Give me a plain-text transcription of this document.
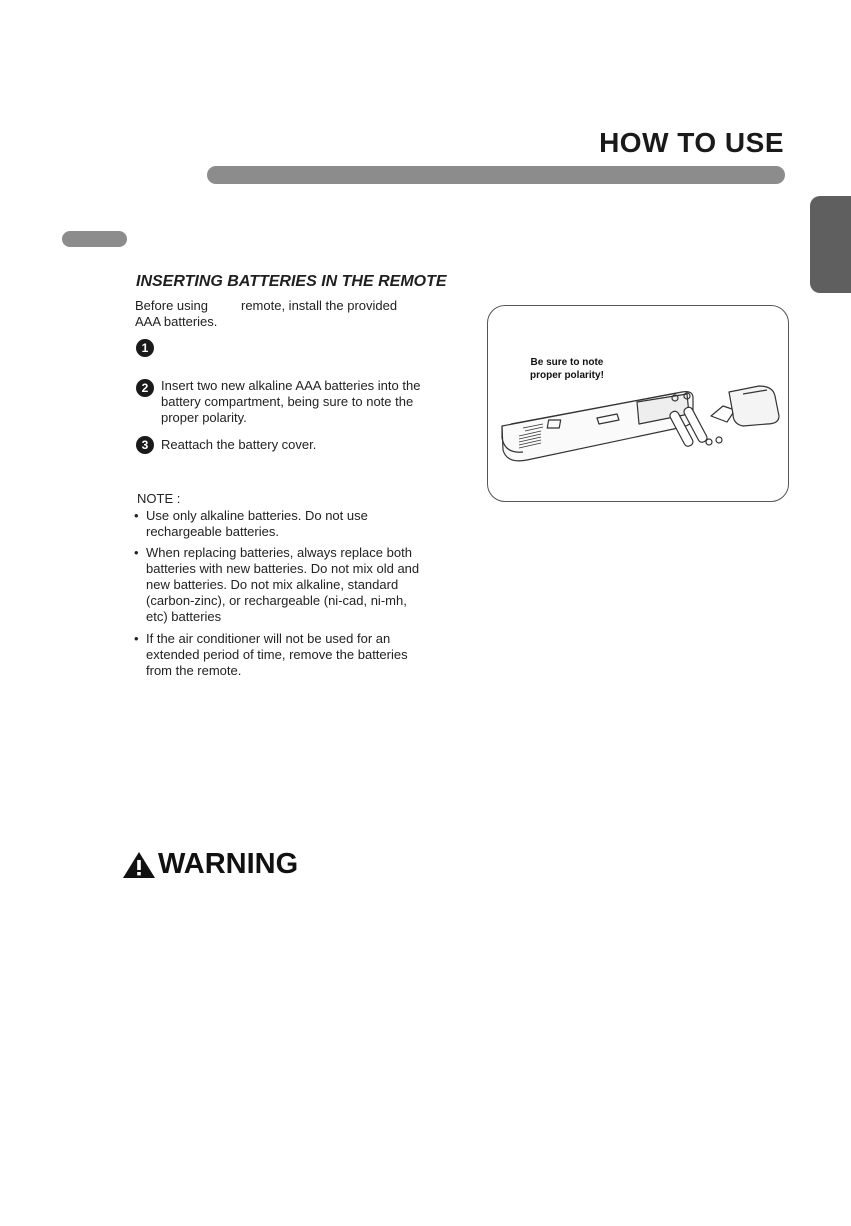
HOW TO USE
INSERTING BATTERIES IN THE REMOTE
Before using	remote, install the provided
AAA batteries.
1
2 Insert two new alkaline AAA batteries into the battery compartment, being sure to note the proper polarity.
3 Reattach the battery cover.
NOTE :
• Use only alkaline batteries. Do not use rechargeable batteries.
• When replacing batteries, always replace both batteries with new batteries. Do not mix old and new batteries. Do not mix alkaline, standard (carbon-zinc), or rechargeable (ni-cad, ni-mh, etc) batteries
• If the air conditioner will not be used for an extended period of time, remove the batteries from the remote.
Be sure to note
proper polarity!
WARNING
